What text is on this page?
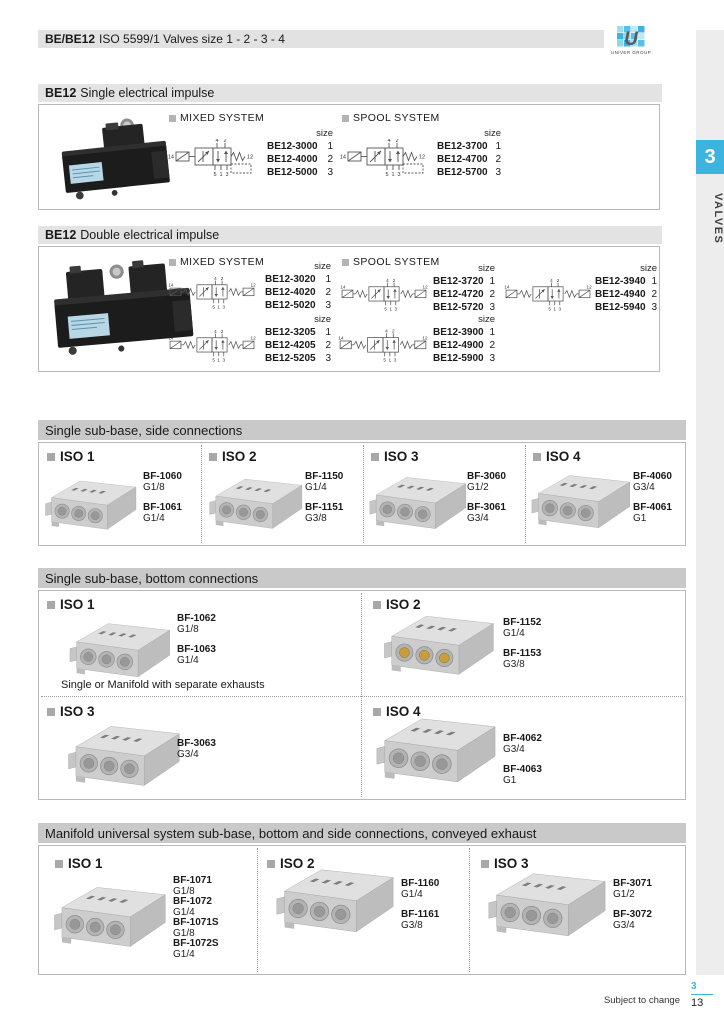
BE/BE12 ISO 5599/1 Valves size 1 - 2 - 3 - 4	U
UNIVER GROUP
3
VALVES
BE12 Single electrical impulse
MIXED SYSTEM
14
4 2
12
5 1 3
size
BE12-3000 1
BE12-4000 2
BE12-5000 3
SPOOL SYSTEM
14
4 2
12
5 1 3
size
BE12-3700 1
BE12-4700 2
BE12-5700 3
BE12 Double electrical impulse
MIXED SYSTEM
14
4 2
12
5 1 3
size
BE12-3020 1
BE12-4020 2
BE12-5020 3
14
4 2
12
5 1 3
size
BE12-3205 1
BE12-4205 2
BE12-5205 3
SPOOL SYSTEM
14
4 2
12
5 1 3
size
BE12-3720 1
BE12-4720 2
BE12-5720 3
14
4 2
12
5 1 3
size
BE12-3940 1
BE12-4940 2
BE12-5940 3
14
4 2
12
5 1 3
size
BE12-3900 1
BE12-4900 2
BE12-5900 3
Single sub-base, side connections
ISO 1
BF-1060
G1/8
BF-1061
G1/4
ISO 2
BF-1150
G1/4
BF-1151
G3/8
ISO 3
BF-3060
G1/2
BF-3061
G3/4
ISO 4
BF-4060
G3/4
BF-4061
G1
Single sub-base, bottom connections
ISO 1
BF-1062
G1/8
BF-1063
G1/4
Single or Manifold with separate exhausts
ISO 2
BF-1152
G1/4
BF-1153
G3/8
ISO 3
BF-3063
G3/4
ISO 4
BF-4062
G3/4
BF-4063
G1
Manifold universal system sub-base, bottom and side connections, conveyed exhaust
ISO 1
BF-1071
G1/8
BF-1072
G1/4
BF-1071S
G1/8
BF-1072S
G1/4
ISO 2
BF-1160
G1/4
BF-1161
G3/8
ISO 3
BF-3071
G1/2
BF-3072
G3/4
Subject to change
3
13
